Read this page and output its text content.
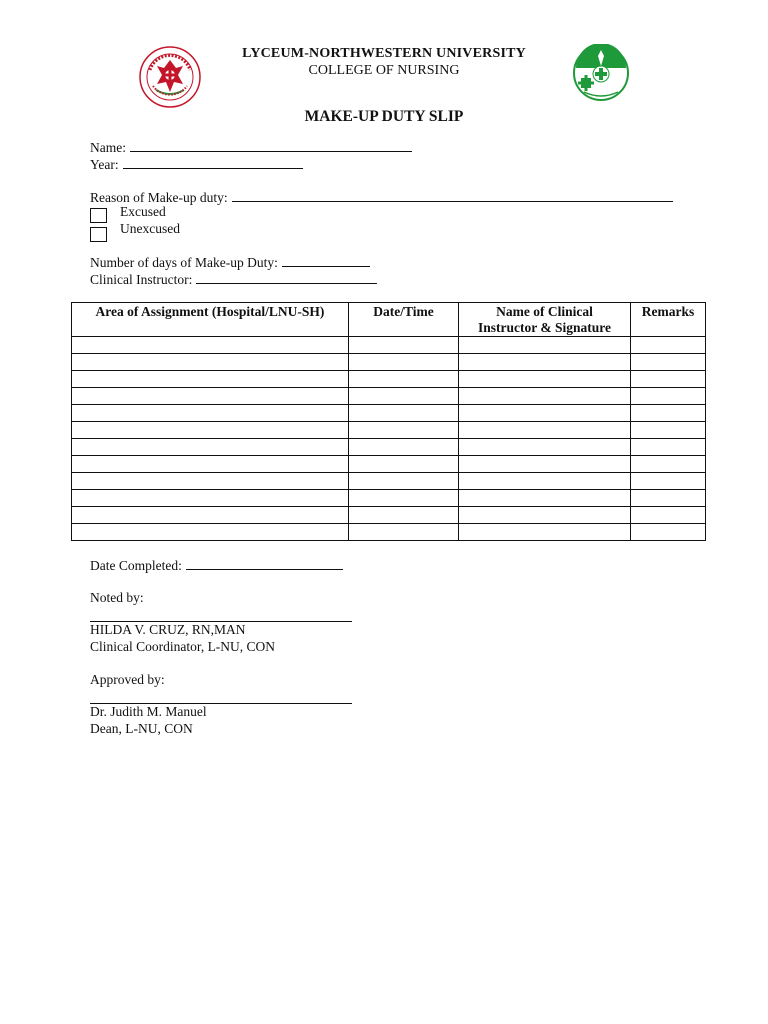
LYCEUM-NORTHWESTERN UNIVERSITY
COLLEGE OF NURSING
MAKE-UP DUTY SLIP
Name:
Year:
Reason of Make-up duty:
Excused
Unexcused
Number of days of Make-up Duty:
Clinical Instructor:
Area of Assignment (Hospital/LNU-SH)	Date/Time	Name of Clinical
Instructor & Signature	Remarks

Date Completed:
Noted by:
HILDA V. CRUZ, RN,MAN
Clinical Coordinator, L-NU, CON
Approved by:
Dr. Judith M. Manuel
Dean, L-NU, CON
